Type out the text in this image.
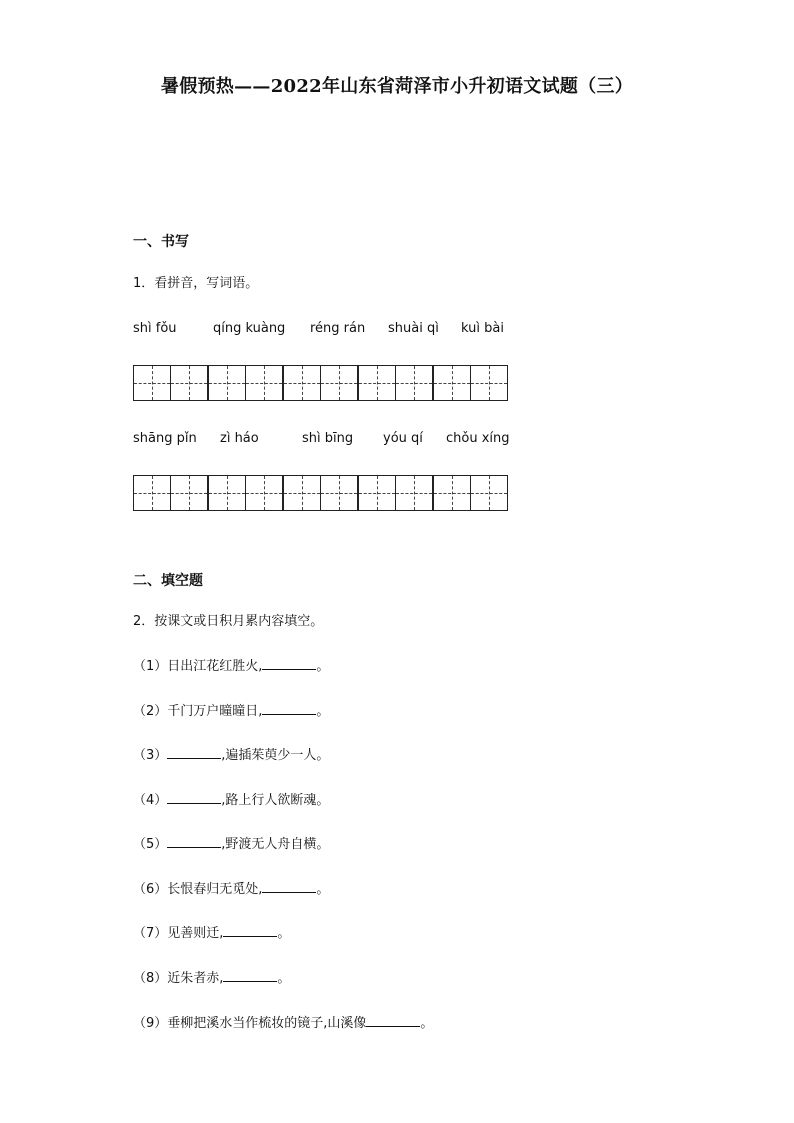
暑假预热——2022年山东省菏泽市小升初语文试题（三）
一、书写
1．看拼音，写词语。
shì fǒu	qíng kuàng réng rán shuài qì kuì bài
shāng pǐn zì háo	shì bīng yóu qí chǒu xíng
二、填空题
2．按课文或日积月累内容填空。
（1）日出江花红胜火,	。
（2）千门万户曈曈日,	。
（3）	,遍插茱萸少一人。
（4）	,路上行人欲断魂。
（5）	,野渡无人舟自横。
（6）长恨春归无觅处,	。
（7）见善则迁,	。
（8）近朱者赤,	。
（9）垂柳把溪水当作梳妆的镜子,山溪像	。
